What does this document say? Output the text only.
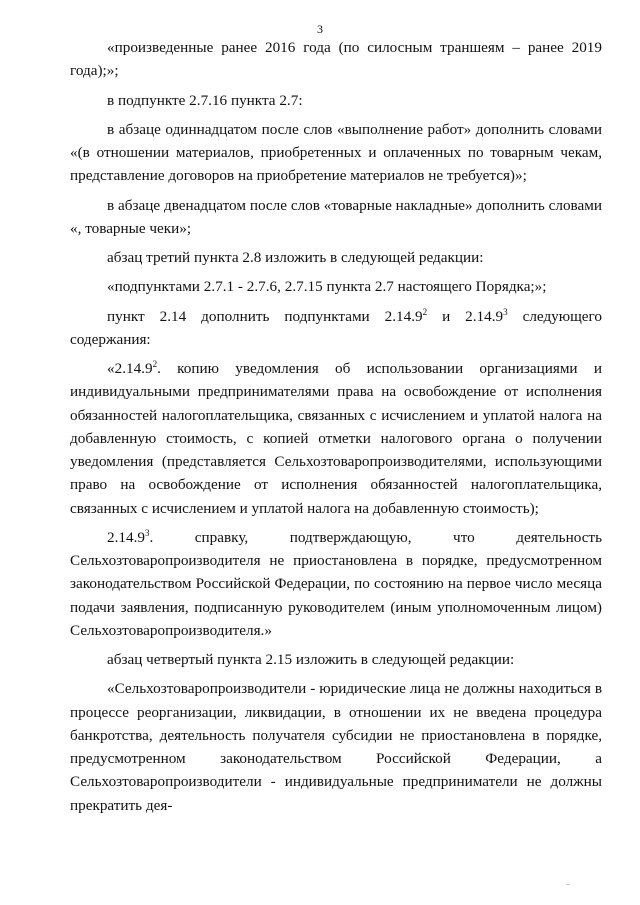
3

«произведенные ранее 2016 года (по силосным траншеям – ранее 2019 года);»;

в подпункте 2.7.16 пункта 2.7:

в абзаце одиннадцатом после слов «выполнение работ» дополнить словами «(в отношении материалов, приобретенных и оплаченных по товарным чекам, представление договоров на приобретение материалов не требуется)»;

в абзаце двенадцатом после слов «товарные накладные» дополнить словами «, товарные чеки»;

абзац третий пункта 2.8 изложить в следующей редакции:

«подпунктами 2.7.1 - 2.7.6, 2.7.15 пункта 2.7 настоящего Порядка;»;

пункт 2.14 дополнить подпунктами 2.14.9$^2$ и 2.14.9$^3$ следующего содержания:

«2.14.9$^2$. копию уведомления об использовании организациями и индивидуальными предпринимателями права на освобождение от исполнения обязанностей налогоплательщика, связанных с исчислением и уплатой налога на добавленную стоимость, с копией отметки налогового органа о получении уведомления (представляется Сельхозтоваропроизводителями, использующими право на освобождение от исполнения обязанностей налогоплательщика, связанных с исчислением и уплатой налога на добавленную стоимость);

2.14.9$^3$. справку, подтверждающую, что деятельность Сельхозтоваропроизводителя не приостановлена в порядке, предусмотренном законодательством Российской Федерации, по состоянию на первое число месяца подачи заявления, подписанную руководителем (иным уполномоченным лицом) Сельхозтоваропроизводителя.»

абзац четвертый пункта 2.15 изложить в следующей редакции:

«Сельхозтоваропроизводители - юридические лица не должны находиться в процессе реорганизации, ликвидации, в отношении их не введена процедура банкротства, деятельность получателя субсидии не приостановлена в порядке, предусмотренном законодательством Российской Федерации, а Сельхозтоваропроизводители - индивидуальные предприниматели не должны прекратить дея-

..
